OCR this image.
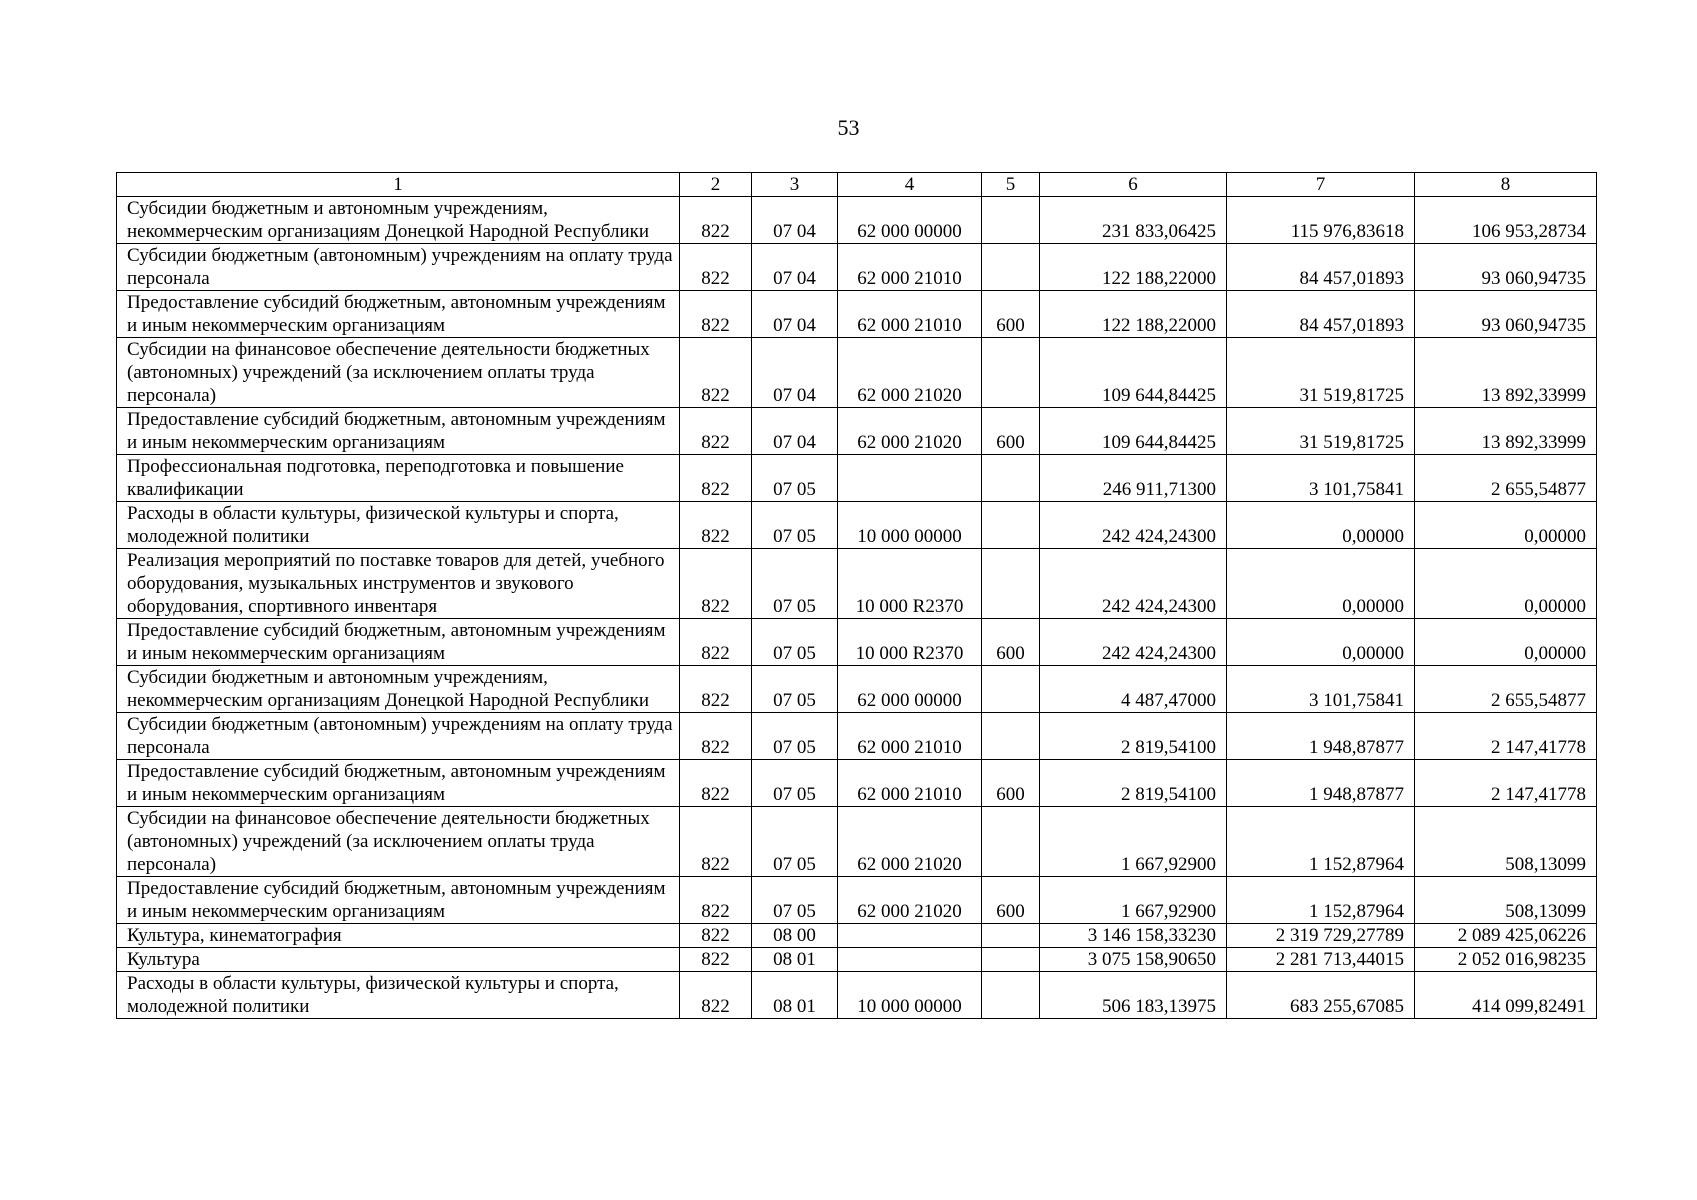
53
1	2	3	4	5	6	7	8
Субсидии бюджетным и автономным учреждениям, некоммерческим организациям Донецкой Народной Республики	822	07 04	62 000 00000		231 833,06425	115 976,83618	106 953,28734
Субсидии бюджетным (автономным) учреждениям на оплату труда персонала	822	07 04	62 000 21010		122 188,22000	84 457,01893	93 060,94735
Предоставление субсидий бюджетным, автономным учреждениям и иным некоммерческим организациям	822	07 04	62 000 21010	600	122 188,22000	84 457,01893	93 060,94735
Субсидии на финансовое обеспечение деятельности бюджетных (автономных) учреждений (за исключением оплаты труда персонала)	822	07 04	62 000 21020		109 644,84425	31 519,81725	13 892,33999
Предоставление субсидий бюджетным, автономным учреждениям и иным некоммерческим организациям	822	07 04	62 000 21020	600	109 644,84425	31 519,81725	13 892,33999
Профессиональная подготовка, переподготовка и повышение квалификации	822	07 05			246 911,71300	3 101,75841	2 655,54877
Расходы в области культуры, физической культуры и спорта, молодежной политики	822	07 05	10 000 00000		242 424,24300	0,00000	0,00000
Реализация мероприятий по поставке товаров для детей, учебного оборудования, музыкальных инструментов и звукового оборудования, спортивного инвентаря	822	07 05	10 000 R2370		242 424,24300	0,00000	0,00000
Предоставление субсидий бюджетным, автономным учреждениям и иным некоммерческим организациям	822	07 05	10 000 R2370	600	242 424,24300	0,00000	0,00000
Субсидии бюджетным и автономным учреждениям, некоммерческим организациям Донецкой Народной Республики	822	07 05	62 000 00000		4 487,47000	3 101,75841	2 655,54877
Субсидии бюджетным (автономным) учреждениям на оплату труда персонала	822	07 05	62 000 21010		2 819,54100	1 948,87877	2 147,41778
Предоставление субсидий бюджетным, автономным учреждениям и иным некоммерческим организациям	822	07 05	62 000 21010	600	2 819,54100	1 948,87877	2 147,41778
Субсидии на финансовое обеспечение деятельности бюджетных (автономных) учреждений (за исключением оплаты труда персонала)	822	07 05	62 000 21020		1 667,92900	1 152,87964	508,13099
Предоставление субсидий бюджетным, автономным учреждениям и иным некоммерческим организациям	822	07 05	62 000 21020	600	1 667,92900	1 152,87964	508,13099
Культура, кинематография	822	08 00			3 146 158,33230	2 319 729,27789	2 089 425,06226
Культура	822	08 01			3 075 158,90650	2 281 713,44015	2 052 016,98235
Расходы в области культуры, физической культуры и спорта, молодежной политики	822	08 01	10 000 00000		506 183,13975	683 255,67085	414 099,82491
